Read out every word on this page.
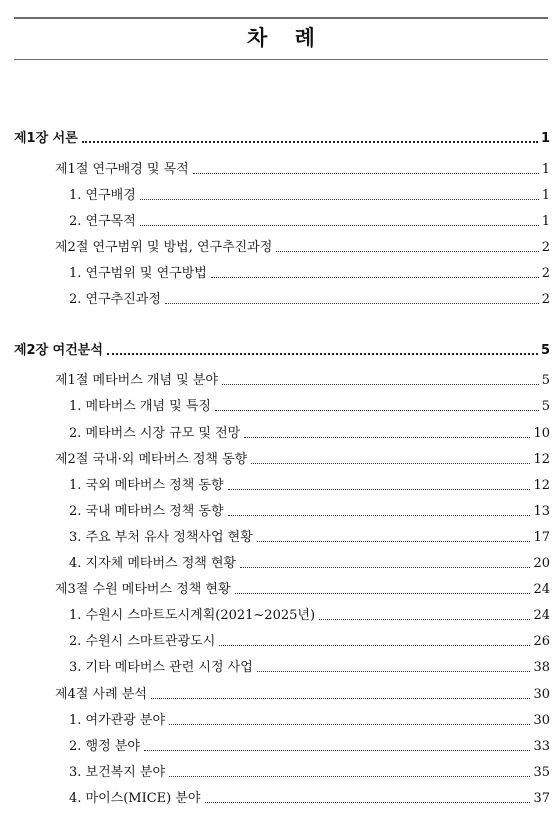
차 례
제1장 서론	1
제1절 연구배경 및 목적	1
1. 연구배경	1
2. 연구목적	1
제2절 연구범위 및 방법, 연구추진과정	2
1. 연구범위 및 연구방법	2
2. 연구추진과정	2
제2장 여건분석	5
제1절 메타버스 개념 및 분야	5
1. 메타버스 개념 및 특징	5
2. 메타버스 시장 규모 및 전망	10
제2절 국내·외 메타버스 정책 동향	12
1. 국외 메타버스 정책 동향	12
2. 국내 메타버스 정책 동향	13
3. 주요 부처 유사 정책사업 현황	17
4. 지자체 메타버스 정책 현황	20
제3절 수원 메타버스 정책 현황	24
1. 수원시 스마트도시계획(2021~2025년)	24
2. 수원시 스마트관광도시	26
3. 기타 메타버스 관련 시정 사업	38
제4절 사례 분석	30
1. 여가관광 분야	30
2. 행정 분야	33
3. 보건복지 분야	35
4. 마이스(MICE) 분야	37
